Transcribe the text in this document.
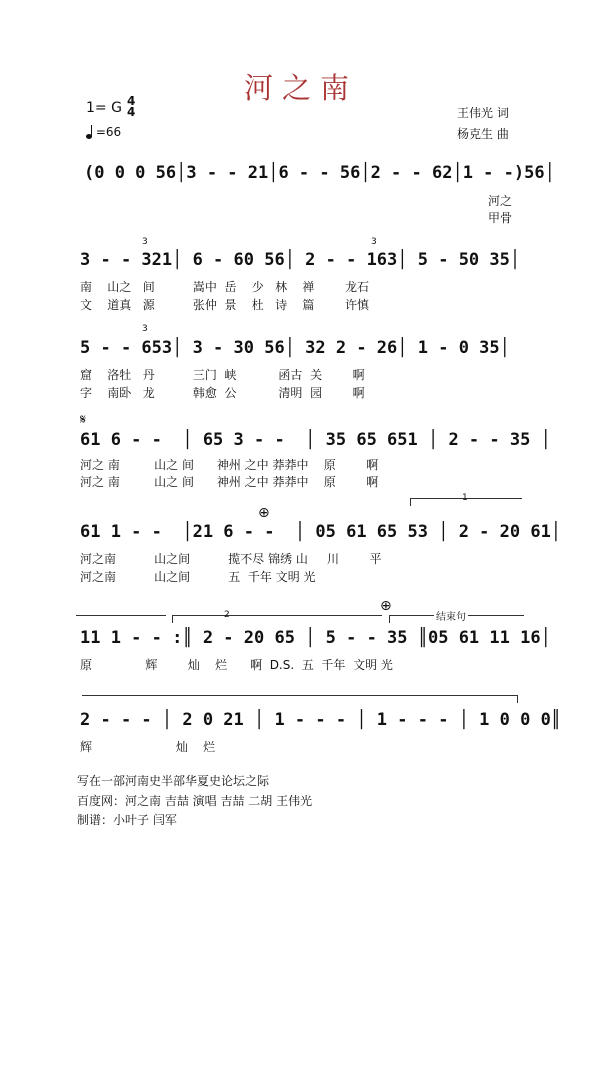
河之南
1= G 4
4
=66
王伟光 词
杨克生 曲
(0 0 0 56│3 - - 21│6 - - 56│2 - - 62│1 - -)56│
河之
甲骨
3	3
3 - - 321│ 6 - 60 56│ 2 - - 163│ 5 - 50 35│
南    山之   间          嵩中  岳    少   林    禅        龙石
文    道真   源          张仲  景    杜   诗    篇        许慎
3
5 - - 653│ 3 - 30 56│ 32 2 - 26│ 1 - 0 35│
窟    洛牡   丹          三门  峡           函古  关        啊
字    南卧   龙          韩愈  公           清明  园        啊
𝄋
61 6 - -  │ 65 3 - -  │ 35 65 651 │ 2 - - 35 │
河之 南         山之 间      神州 之中 莽莽中    原        啊
河之 南         山之 间      神州 之中 莽莽中    原        啊
1
⊕
61 1 - -  │21 6 - -  │ 05 61 65 53 │ 2 - 20 61│
河之南          山之间          揽不尽 锦绣 山     川        平
河之南          山之间          五  千年 文明 光
2
⊕
结束句
11 1 - - :║ 2 - 20 65 │ 5 - - 35 ║05 61 11 16│
原              辉        灿    烂      啊  D.S.  五  千年  文明 光
2 - - - │ 2 0 21 │ 1 - - - │ 1 - - - │ 1 0 0 0║
辉                      灿    烂
写在一部河南史半部华夏史论坛之际
百度网：河之南 吉喆 演唱 吉喆 二胡 王伟光
制谱：小叶子 闫军
